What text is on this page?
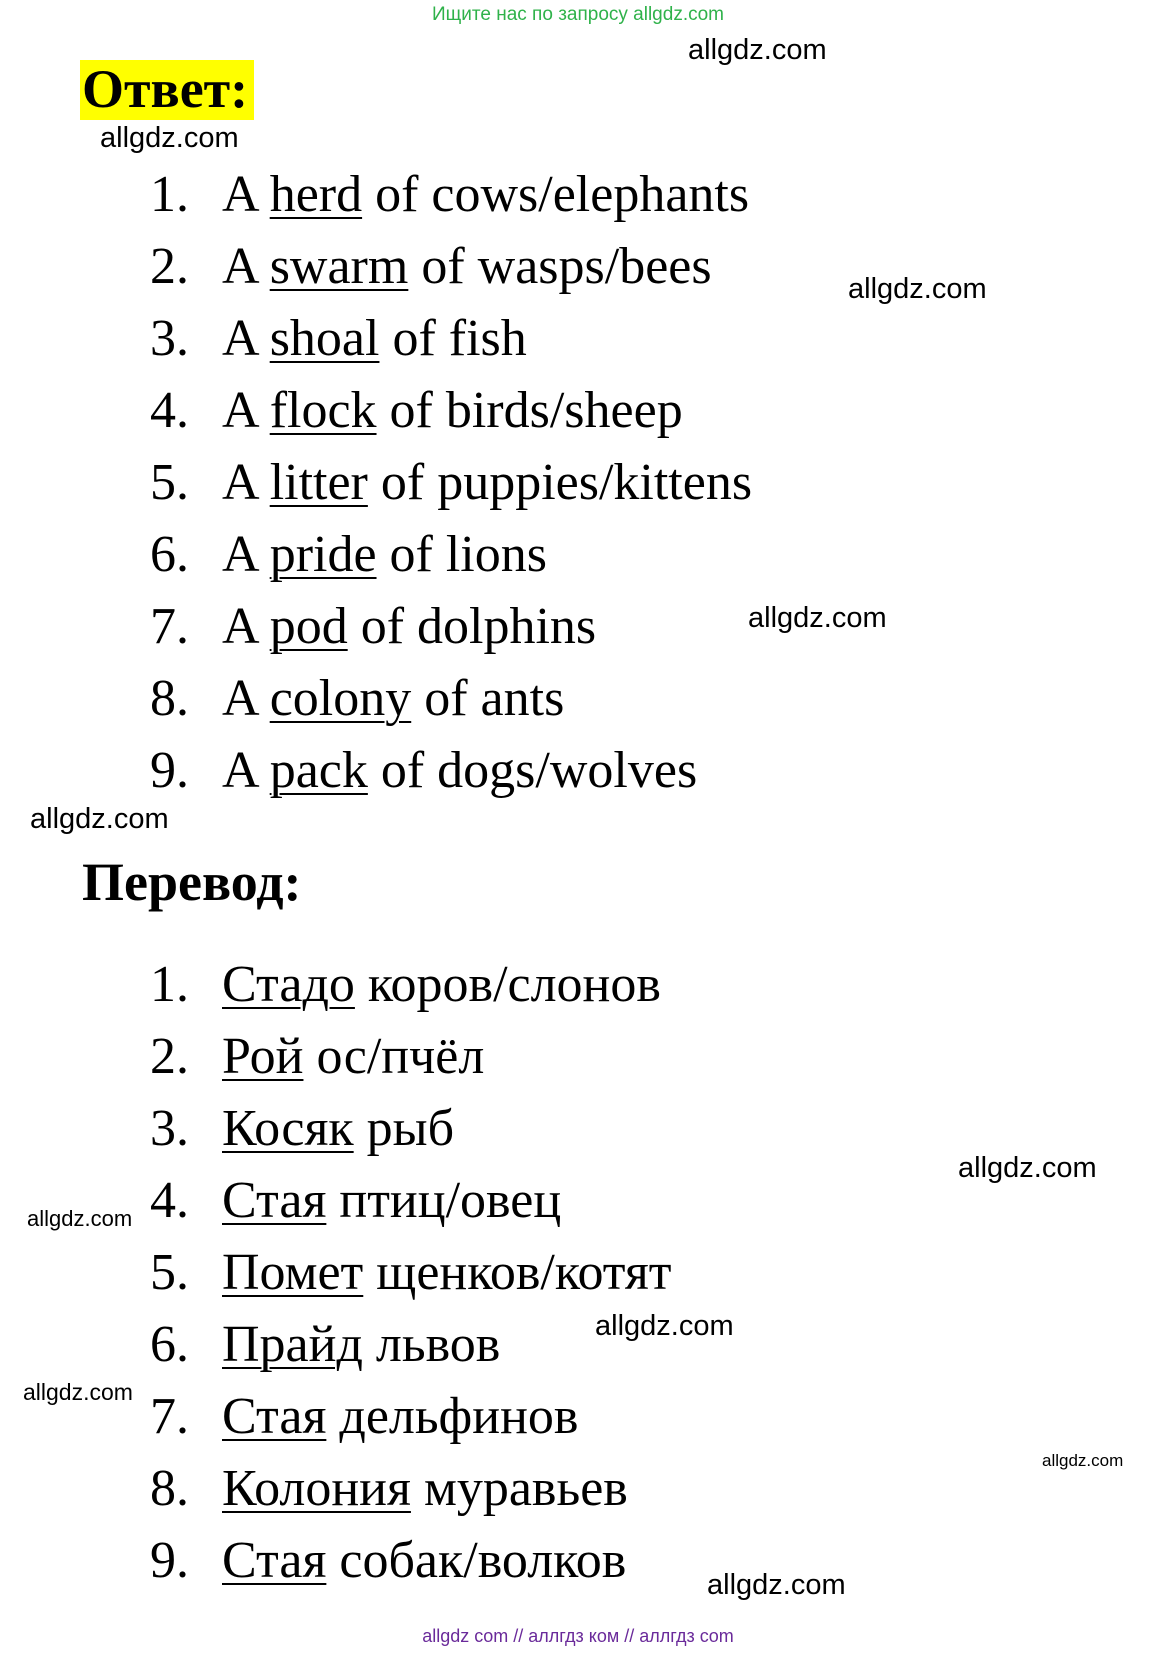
Ищите нас по запросу allgdz.com
Ответ:
1. A herd of cows/elephants
2. A swarm of wasps/bees
3. A shoal of fish
4. A flock of birds/sheep
5. A litter of puppies/kittens
6. A pride of lions
7. A pod of dolphins
8. A colony of ants
9. A pack of dogs/wolves
Перевод:
1. Стадо коров/слонов
2. Рой ос/пчёл
3. Косяк рыб
4. Стая птиц/овец
5. Помет щенков/котят
6. Прайд львов
7. Стая дельфинов
8. Колония муравьев
9. Стая собак/волков
allgdz.com
allgdz.com
allgdz.com
allgdz.com
allgdz.com
allgdz.com
allgdz.com
allgdz.com
allgdz.com
allgdz.com
allgdz.com
allgdz com // аллгдз ком // аллгдз com
